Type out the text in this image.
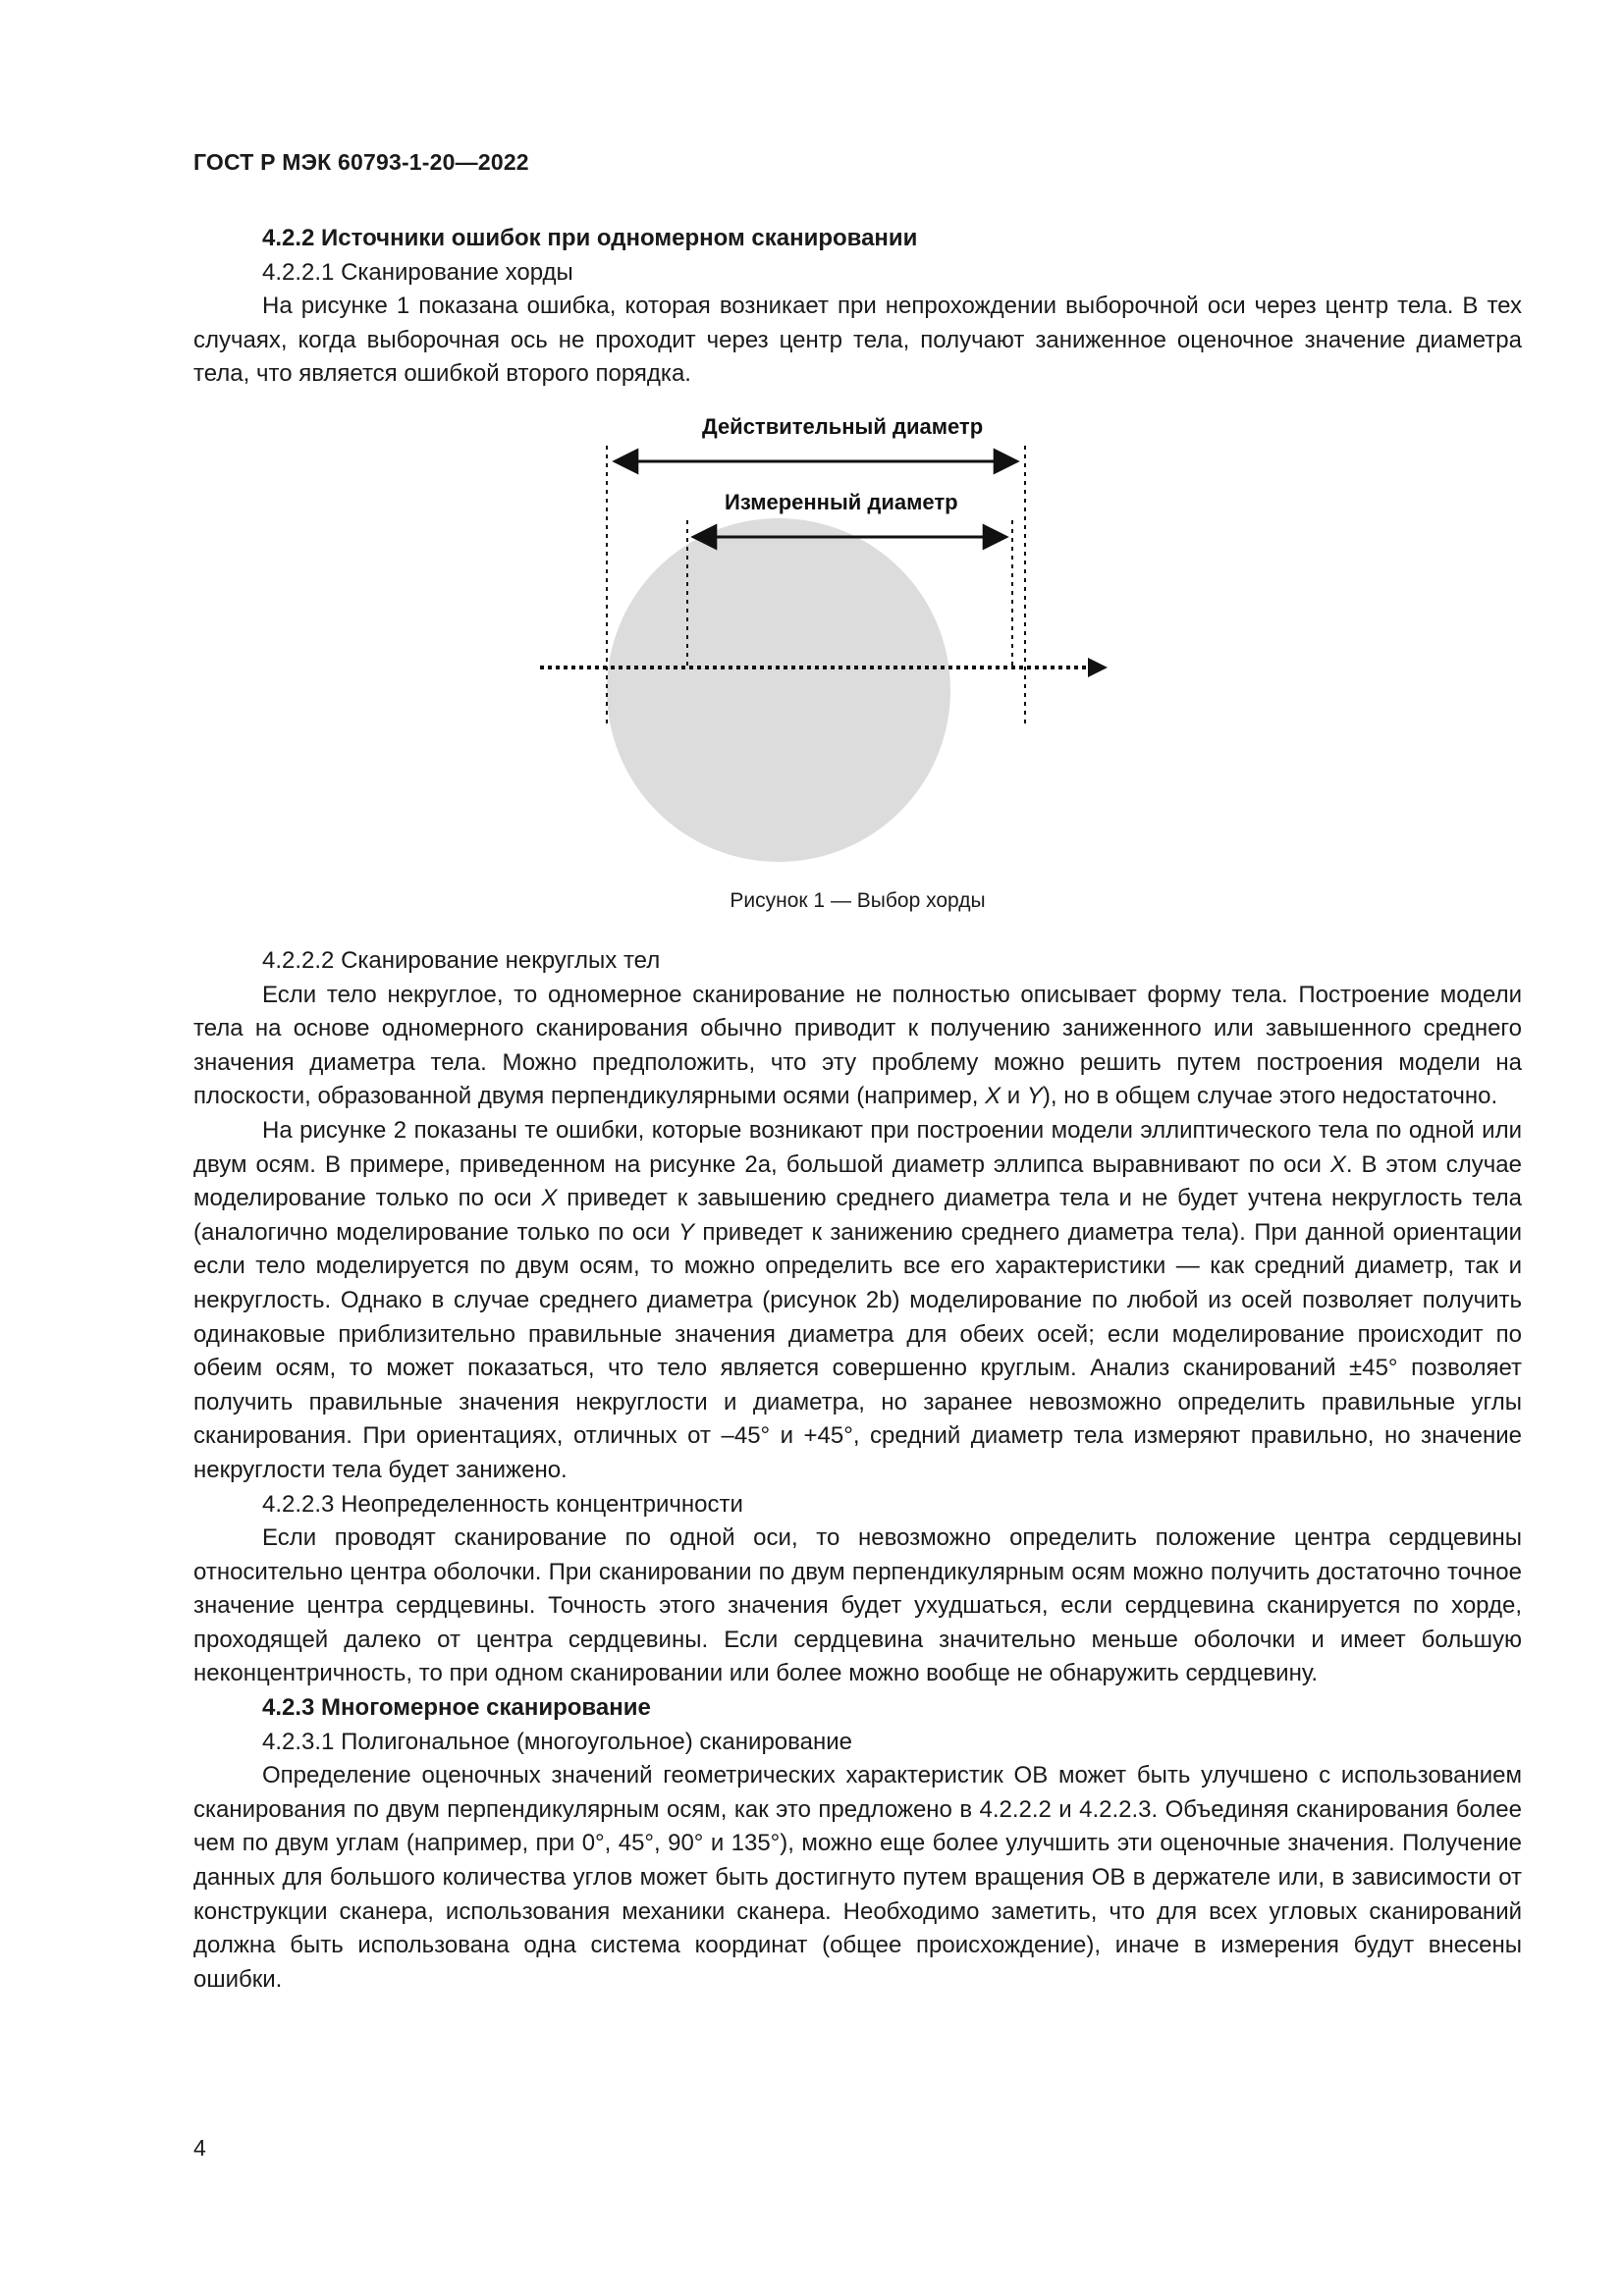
ГОСТ Р МЭК 60793-1-20—2022

4.2.2 Источники ошибок при одномерном сканировании

4.2.2.1 Сканирование хорды

На рисунке 1 показана ошибка, которая возникает при непрохождении выборочной оси через центр тела. В тех случаях, когда выборочная ось не проходит через центр тела, получают заниженное оценочное значение диаметра тела, что является ошибкой второго порядка.

Действительный диаметр
Измеренный диаметр
Рисунок 1 — Выбор хорды

4.2.2.2 Сканирование некруглых тел

Если тело некруглое, то одномерное сканирование не полностью описывает форму тела. Построение модели тела на основе одномерного сканирования обычно приводит к получению заниженного или завышенного среднего значения диаметра тела. Можно предположить, что эту проблему можно решить путем построения модели на плоскости, образованной двумя перпендикулярными осями (например, X и Y), но в общем случае этого недостаточно.

На рисунке 2 показаны те ошибки, которые возникают при построении модели эллиптического тела по одной или двум осям. В примере, приведенном на рисунке 2а, большой диаметр эллипса выравнивают по оси X. В этом случае моделирование только по оси X приведет к завышению среднего диаметра тела и не будет учтена некруглость тела (аналогично моделирование только по оси Y приведет к занижению среднего диаметра тела). При данной ориентации если тело моделируется по двум осям, то можно определить все его характеристики — как средний диаметр, так и некруглость. Однако в случае среднего диаметра (рисунок 2b) моделирование по любой из осей позволяет получить одинаковые приблизительно правильные значения диаметра для обеих осей; если моделирование происходит по обеим осям, то может показаться, что тело является совершенно круглым. Анализ сканирований ±45° позволяет получить правильные значения некруглости и диаметра, но заранее невозможно определить правильные углы сканирования. При ориентациях, отличных от –45° и +45°, средний диаметр тела измеряют правильно, но значение некруглости тела будет занижено.

4.2.2.3 Неопределенность концентричности

Если проводят сканирование по одной оси, то невозможно определить положение центра сердцевины относительно центра оболочки. При сканировании по двум перпендикулярным осям можно получить достаточно точное значение центра сердцевины. Точность этого значения будет ухудшаться, если сердцевина сканируется по хорде, проходящей далеко от центра сердцевины. Если сердцевина значительно меньше оболочки и имеет большую неконцентричность, то при одном сканировании или более можно вообще не обнаружить сердцевину.

4.2.3 Многомерное сканирование

4.2.3.1 Полигональное (многоугольное) сканирование

Определение оценочных значений геометрических характеристик ОВ может быть улучшено с использованием сканирования по двум перпендикулярным осям, как это предложено в 4.2.2.2 и 4.2.2.3. Объединяя сканирования более чем по двум углам (например, при 0°, 45°, 90° и 135°), можно еще более улучшить эти оценочные значения. Получение данных для большого количества углов может быть достигнуто путем вращения ОВ в держателе или, в зависимости от конструкции сканера, использования механики сканера. Необходимо заметить, что для всех угловых сканирований должна быть использована одна система координат (общее происхождение), иначе в измерения будут внесены ошибки.

4
